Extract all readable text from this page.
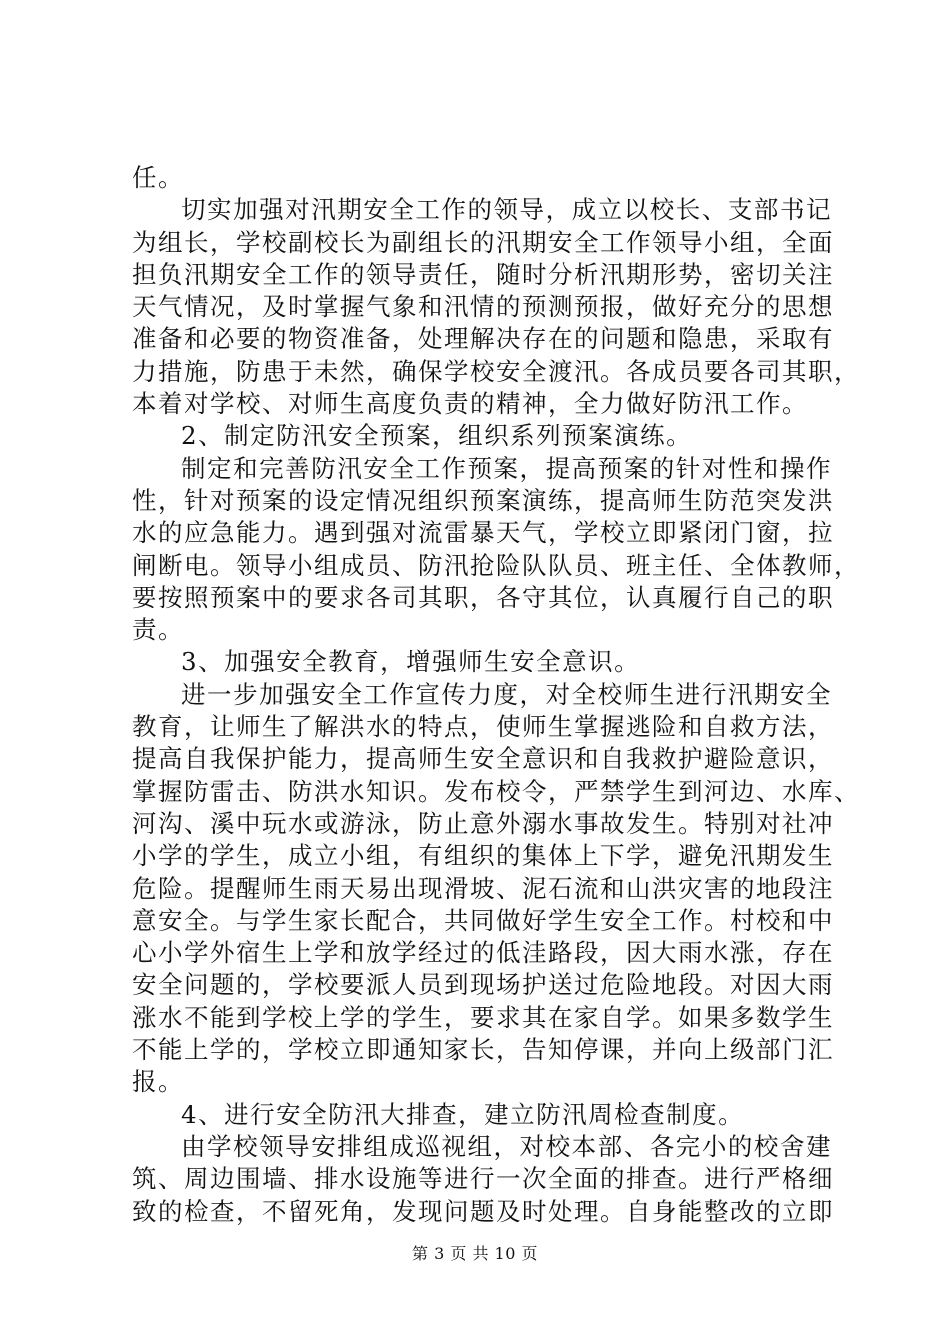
任。
切实加强对汛期安全工作的领导，成立以校长、支部书记
为组长，学校副校长为副组长的汛期安全工作领导小组，全面
担负汛期安全工作的领导责任，随时分析汛期形势，密切关注
天气情况，及时掌握气象和汛情的预测预报，做好充分的思想
准备和必要的物资准备，处理解决存在的问题和隐患，采取有
力措施，防患于未然，确保学校安全渡汛。各成员要各司其职，
本着对学校、对师生高度负责的精神，全力做好防汛工作。
2、制定防汛安全预案，组织系列预案演练。
制定和完善防汛安全工作预案，提高预案的针对性和操作
性，针对预案的设定情况组织预案演练，提高师生防范突发洪
水的应急能力。遇到强对流雷暴天气，学校立即紧闭门窗，拉
闸断电。领导小组成员、防汛抢险队队员、班主任、全体教师，
要按照预案中的要求各司其职，各守其位，认真履行自己的职
责。
3、加强安全教育，增强师生安全意识。
进一步加强安全工作宣传力度，对全校师生进行汛期安全
教育，让师生了解洪水的特点，使师生掌握逃险和自救方法，
提高自我保护能力，提高师生安全意识和自我救护避险意识，
掌握防雷击、防洪水知识。发布校令，严禁学生到河边、水库、
河沟、溪中玩水或游泳，防止意外溺水事故发生。特别对社冲
小学的学生，成立小组，有组织的集体上下学，避免汛期发生
危险。提醒师生雨天易出现滑坡、泥石流和山洪灾害的地段注
意安全。与学生家长配合，共同做好学生安全工作。村校和中
心小学外宿生上学和放学经过的低洼路段，因大雨水涨，存在
安全问题的，学校要派人员到现场护送过危险地段。对因大雨
涨水不能到学校上学的学生，要求其在家自学。如果多数学生
不能上学的，学校立即通知家长，告知停课，并向上级部门汇
报。
4、进行安全防汛大排查，建立防汛周检查制度。
由学校领导安排组成巡视组，对校本部、各完小的校舍建
筑、周边围墙、排水设施等进行一次全面的排查。进行严格细
致的检查，不留死角，发现问题及时处理。自身能整改的立即
第 3 页 共 10 页
